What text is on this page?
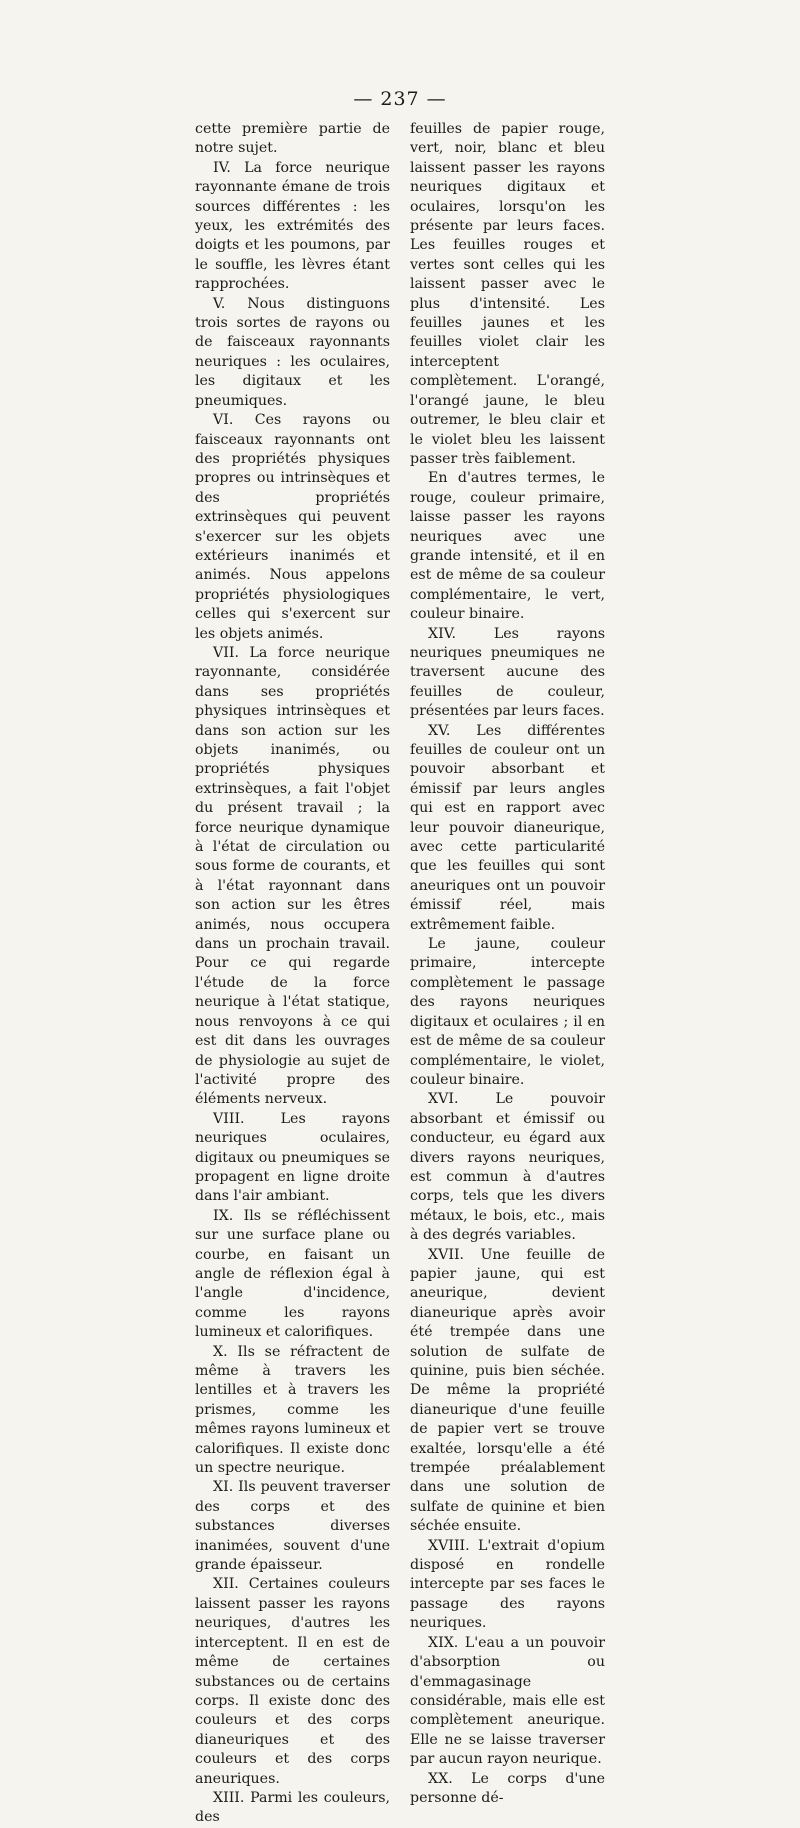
— 237 —

cette première partie de notre sujet.

IV. La force neurique rayonnante émane de trois sources différentes : les yeux, les extrémités des doigts et les poumons, par le souffle, les lèvres étant rapprochées.

V. Nous distinguons trois sortes de rayons ou de faisceaux rayonnants neuriques : les oculaires, les digitaux et les pneumiques.

VI. Ces rayons ou faisceaux rayonnants ont des propriétés physiques propres ou intrinsèques et des propriétés extrinsèques qui peuvent s'exercer sur les objets extérieurs inanimés et animés. Nous appelons propriétés physiologiques celles qui s'exercent sur les objets animés.

VII. La force neurique rayonnante, considérée dans ses propriétés physiques intrinsèques et dans son action sur les objets inanimés, ou propriétés physiques extrinsèques, a fait l'objet du présent travail ; la force neurique dynamique à l'état de circulation ou sous forme de courants, et à l'état rayonnant dans son action sur les êtres animés, nous occupera dans un prochain travail. Pour ce qui regarde l'étude de la force neurique à l'état statique, nous renvoyons à ce qui est dit dans les ouvrages de physiologie au sujet de l'activité propre des éléments nerveux.

VIII. Les rayons neuriques oculaires, digitaux ou pneumiques se propagent en ligne droite dans l'air ambiant.

IX. Ils se réfléchissent sur une surface plane ou courbe, en faisant un angle de réflexion égal à l'angle d'incidence, comme les rayons lumineux et calorifiques.

X. Ils se réfractent de même à travers les lentilles et à travers les prismes, comme les mêmes rayons lumineux et calorifiques. Il existe donc un spectre neurique.

XI. Ils peuvent traverser des corps et des substances diverses inanimées, souvent d'une grande épaisseur.

XII. Certaines couleurs laissent passer les rayons neuriques, d'autres les interceptent. Il en est de même de certaines substances ou de certains corps. Il existe donc des couleurs et des corps dianeuriques et des couleurs et des corps aneuriques.

XIII. Parmi les couleurs, des

feuilles de papier rouge, vert, noir, blanc et bleu laissent passer les rayons neuriques digitaux et oculaires, lorsqu'on les présente par leurs faces. Les feuilles rouges et vertes sont celles qui les laissent passer avec le plus d'intensité. Les feuilles jaunes et les feuilles violet clair les interceptent complètement. L'orangé, l'orangé jaune, le bleu outremer, le bleu clair et le violet bleu les laissent passer très faiblement.

En d'autres termes, le rouge, couleur primaire, laisse passer les rayons neuriques avec une grande intensité, et il en est de même de sa couleur complémentaire, le vert, couleur binaire.

XIV. Les rayons neuriques pneumiques ne traversent aucune des feuilles de couleur, présentées par leurs faces.

XV. Les différentes feuilles de couleur ont un pouvoir absorbant et émissif par leurs angles qui est en rapport avec leur pouvoir dianeurique, avec cette particularité que les feuilles qui sont aneuriques ont un pouvoir émissif réel, mais extrêmement faible.

Le jaune, couleur primaire, intercepte complètement le passage des rayons neuriques digitaux et oculaires ; il en est de même de sa couleur complémentaire, le violet, couleur binaire.

XVI. Le pouvoir absorbant et émissif ou conducteur, eu égard aux divers rayons neuriques, est commun à d'autres corps, tels que les divers métaux, le bois, etc., mais à des degrés variables.

XVII. Une feuille de papier jaune, qui est aneurique, devient dianeurique après avoir été trempée dans une solution de sulfate de quinine, puis bien séchée. De même la propriété dianeurique d'une feuille de papier vert se trouve exaltée, lorsqu'elle a été trempée préalablement dans une solution de sulfate de quinine et bien séchée ensuite.

XVIII. L'extrait d'opium disposé en rondelle intercepte par ses faces le passage des rayons neuriques.

XIX. L'eau a un pouvoir d'absorption ou d'emmagasinage considérable, mais elle est complètement aneurique. Elle ne se laisse traverser par aucun rayon neurique.

XX. Le corps d'une personne dé-
